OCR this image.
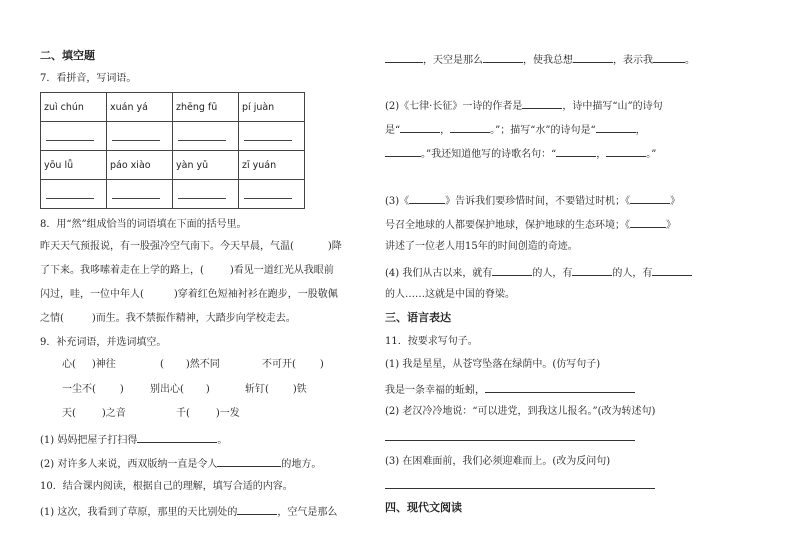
二、填空题
7．看拼音，写词语。
zuì chún	xuán yá	zhēng fū	pí juàn

yōu lǚ	páo xiào	yàn yǔ	zī yuán

8．用“然”组成恰当的词语填在下面的括号里。
昨天天气预报说，有一股强冷空气南下。今天早晨，气温(	)降
了下来。我哆嗦着走在上学的路上，(	)看见一道红光从我眼前
闪过，哇，一位中年人(	)穿着红色短袖衬衫在跑步，一股敬佩
之情(	)而生。我不禁振作精神，大踏步向学校走去。
9．补充词语，并选词填空。
心( )神往	( )然不同	不可开( )
一尘不( )	别出心( )	斩钉( )铁
天(	)之音	千(	)一发
(1) 妈妈把屋子打扫得	。
(2) 对许多人来说，西双版纳一直是令人	的地方。
10．结合课内阅读，根据自己的理解，填写合适的内容。
(1) 这次，我看到了草原，那里的天比别处的	，空气是那么
，天空是那么	，使我总想	，表示我	。
(2)《七律·长征》一诗的作者是	，诗中描写“山”的诗句
是“	，	。”；描写“水”的诗句是“	，
。”我还知道他写的诗歌名句：“	，	。”
(3)《	》告诉我们要珍惜时间，不要错过时机；《	》
号召全地球的人都要保护地球，保护地球的生态环境；《	》
讲述了一位老人用15年的时间创造的奇迹。
(4) 我们从古以来，就有	的人，有	的人，有
的人……这就是中国的脊梁。
三、语言表达
11．按要求写句子。
(1) 我是星星，从苍穹坠落在绿荫中。(仿写句子)
我是一条幸福的蚯蚓，
(2) 老汉冷冷地说：“可以进党，到我这儿报名。”(改为转述句)
(3) 在困难面前，我们必须迎难而上。(改为反问句)
四、现代文阅读
